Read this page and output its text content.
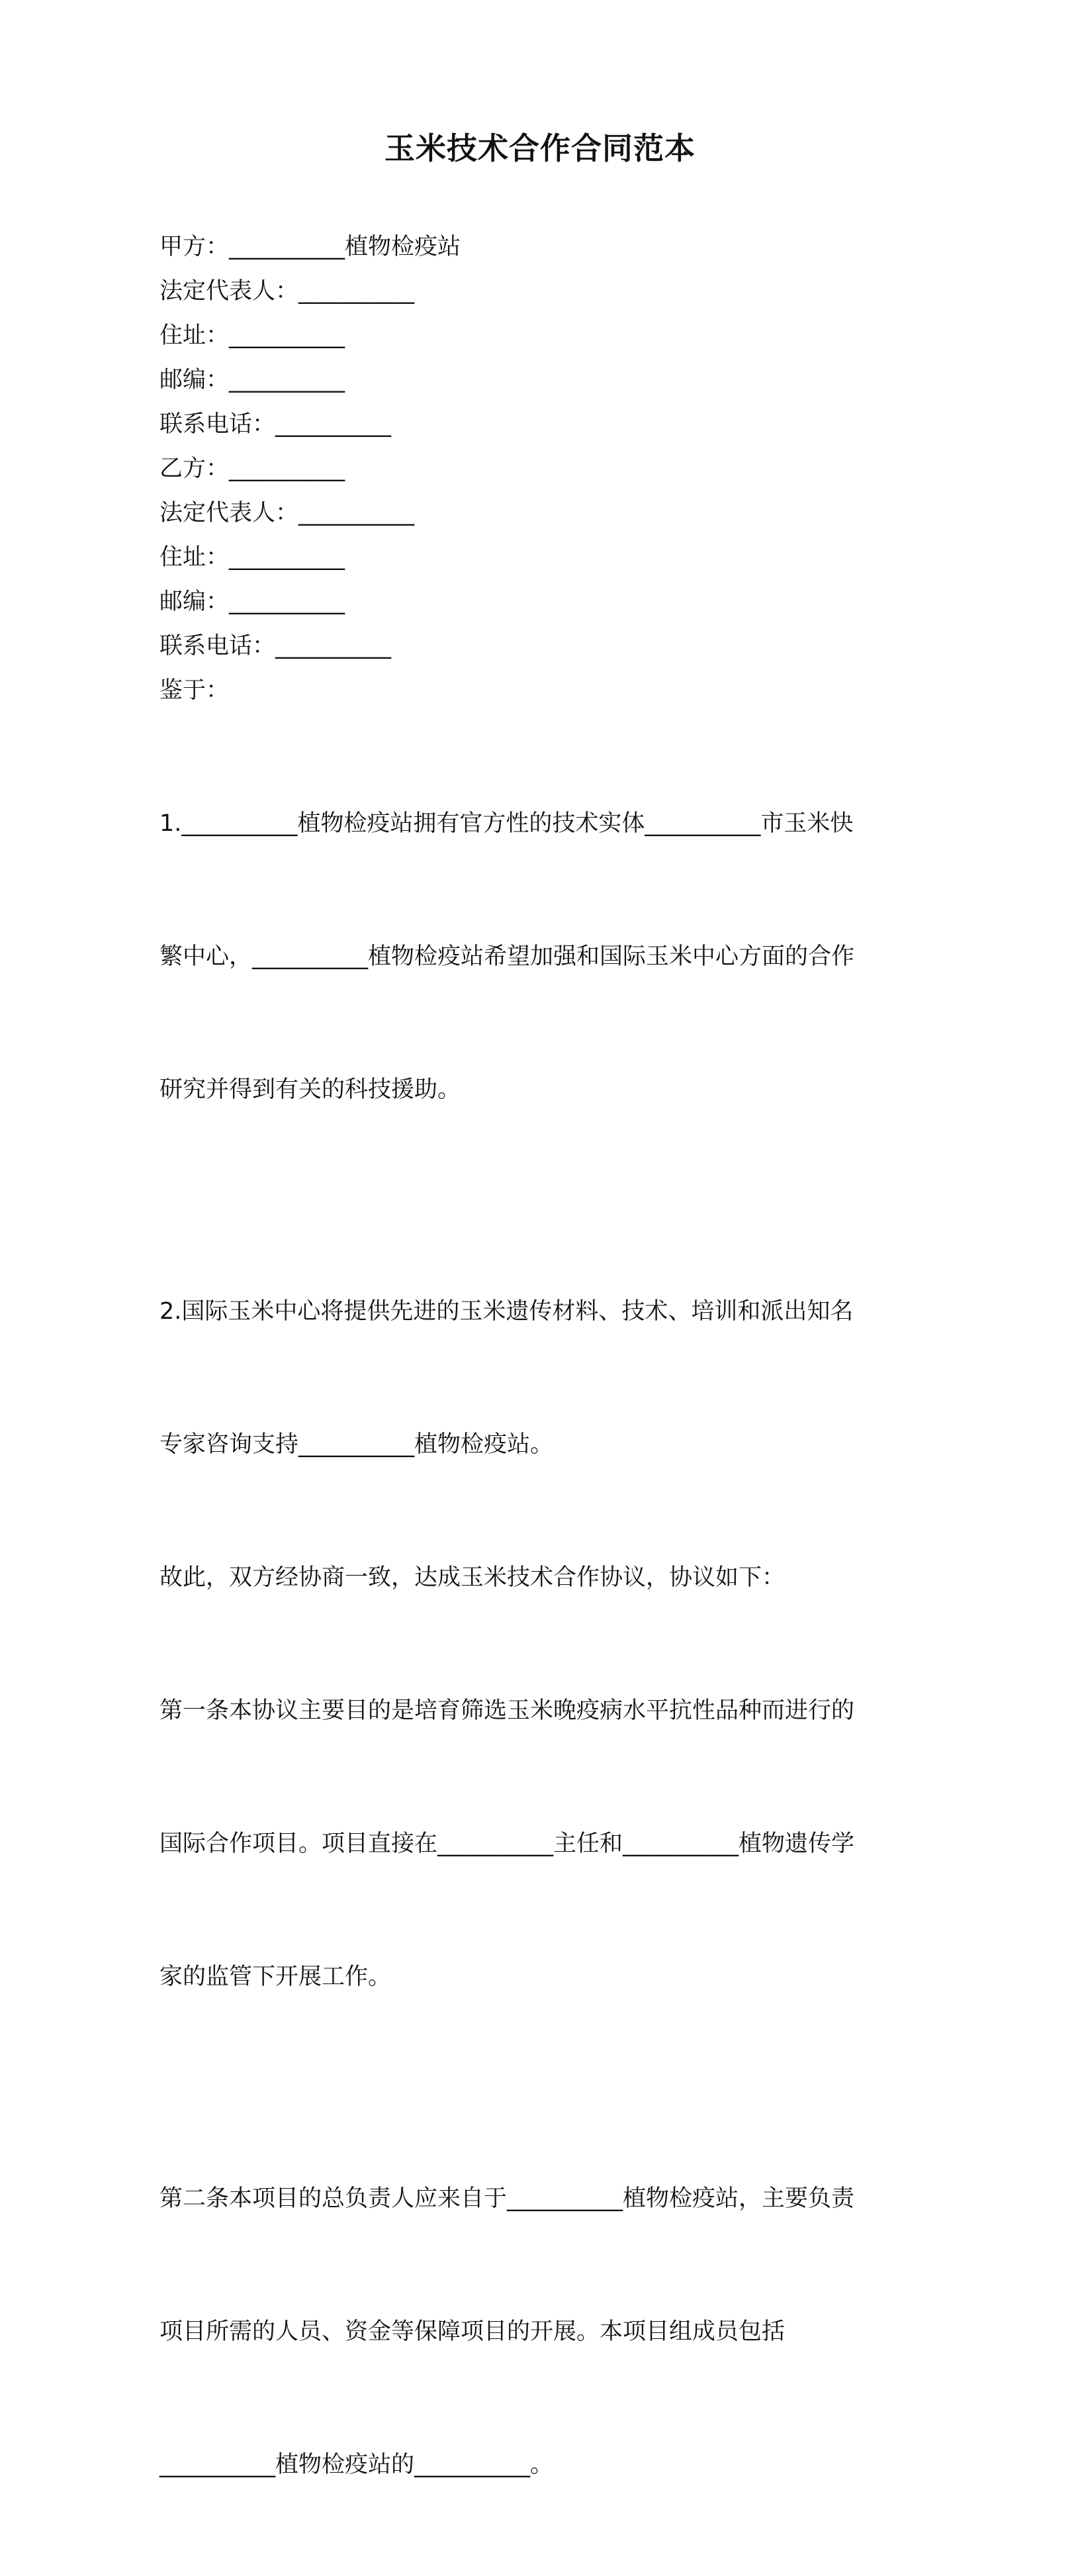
玉米技术合作合同范本
甲方：__________植物检疫站
法定代表人：__________
住址：__________
邮编：__________
联系电话：__________
乙方：__________
法定代表人：__________
住址：__________
邮编：__________
联系电话：__________
鉴于：

1.__________植物检疫站拥有官方性的技术实体__________市玉米快

繁中心，__________植物检疫站希望加强和国际玉米中心方面的合作

研究并得到有关的科技援助。

2.国际玉米中心将提供先进的玉米遗传材料、技术、培训和派出知名

专家咨询支持__________植物检疫站。

故此，双方经协商一致，达成玉米技术合作协议，协议如下：

第一条本协议主要目的是培育筛选玉米晚疫病水平抗性品种而进行的

国际合作项目。项目直接在__________主任和__________植物遗传学

家的监管下开展工作。

第二条本项目的总负责人应来自于__________植物检疫站，主要负责

项目所需的人员、资金等保障项目的开展。本项目组成员包括

__________植物检疫站的__________。
